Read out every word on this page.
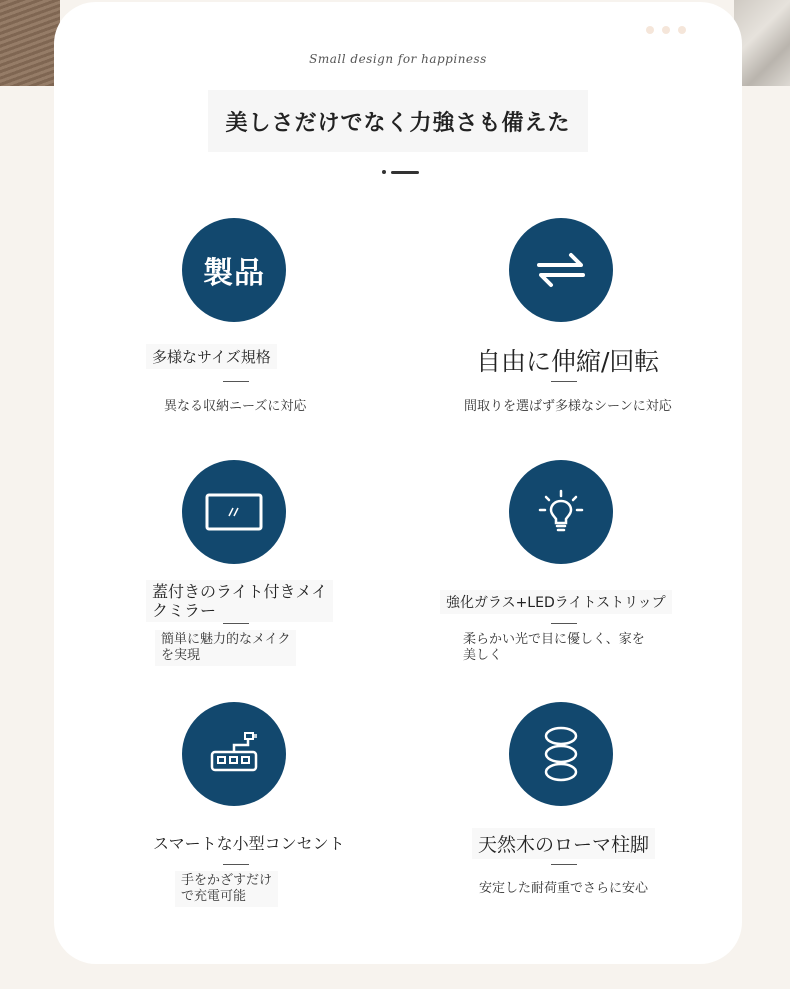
Small design for happiness
美しさだけでなく力強さも備えた
製品
多様なサイズ規格
異なる収納ニーズに対応
自由に伸縮/回転
間取りを選ばず多様なシーンに対応
蓋付きのライト付きメイ
クミラー
簡単に魅力的なメイク
を実現
強化ガラス+LEDライトストリップ
柔らかい光で目に優しく、家を
美しく
スマートな小型コンセント
手をかざすだけ
で充電可能
天然木のローマ柱脚
安定した耐荷重でさらに安心
